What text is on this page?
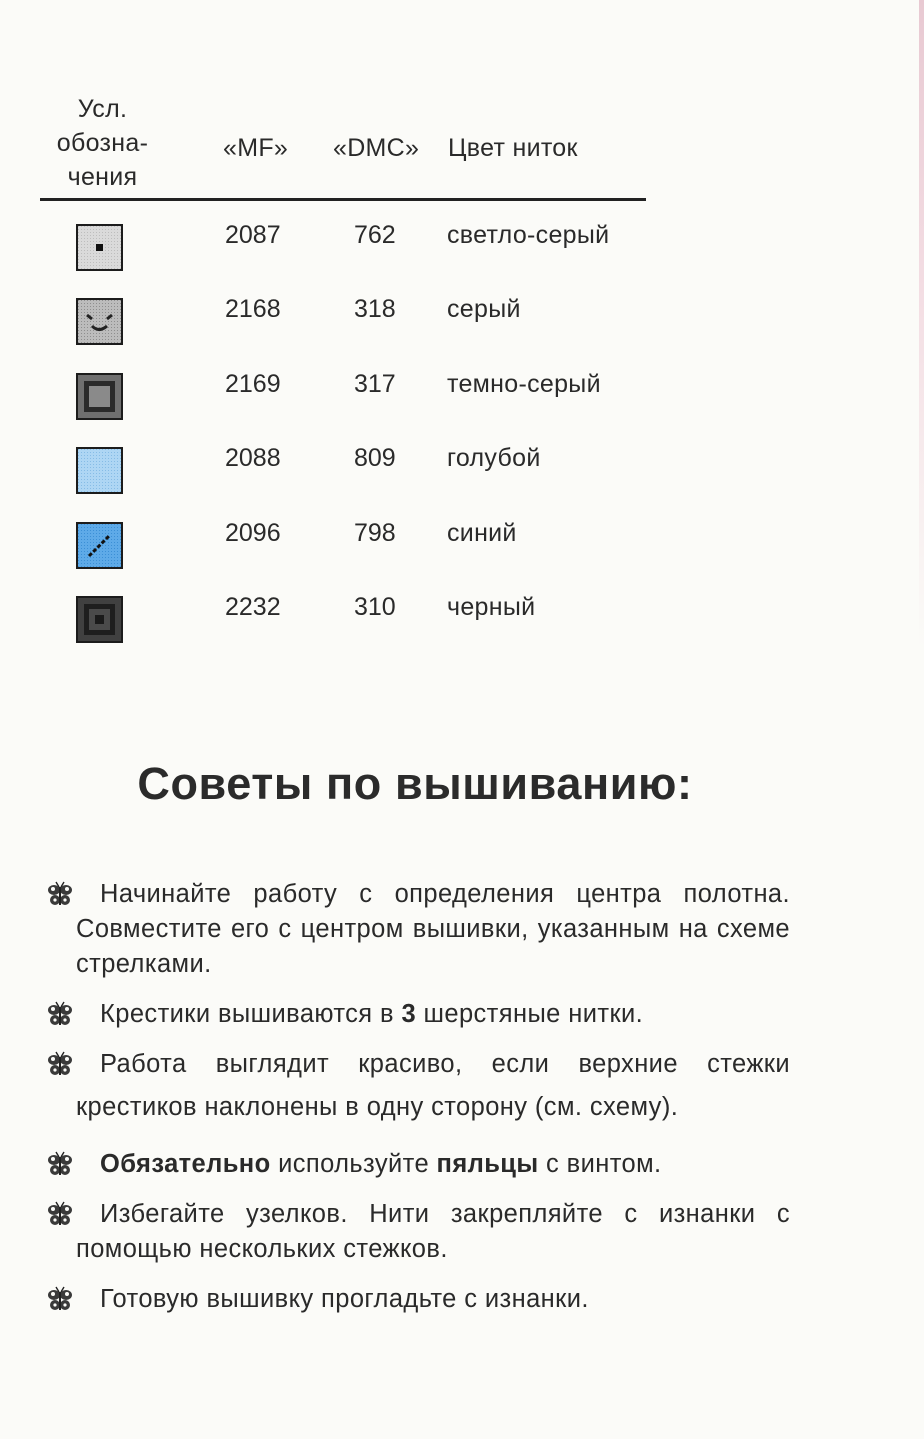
Усл.
обозна-
чения
«MF» «DMC» Цвет ниток
2087	762 светло-серый
2168	318 серый
2169	317 темно-серый
2088	809 голубой
2096	798 синий
2232	310 черный
Советы по вышиванию:
Начинайте работу с определения центра полотна. Совместите его с центром вышивки, указанным на схеме стрелками.
Крестики вышиваются в 3 шерстяные нитки.
Работа выглядит красиво, если верхние стежки
крестиков наклонены в одну сторону (см. схему).
Обязательно используйте пяльцы с винтом.
Избегайте узелков. Нити закрепляйте с изнанки с помощью нескольких стежков.
Готовую вышивку прогладьте с изнанки.
